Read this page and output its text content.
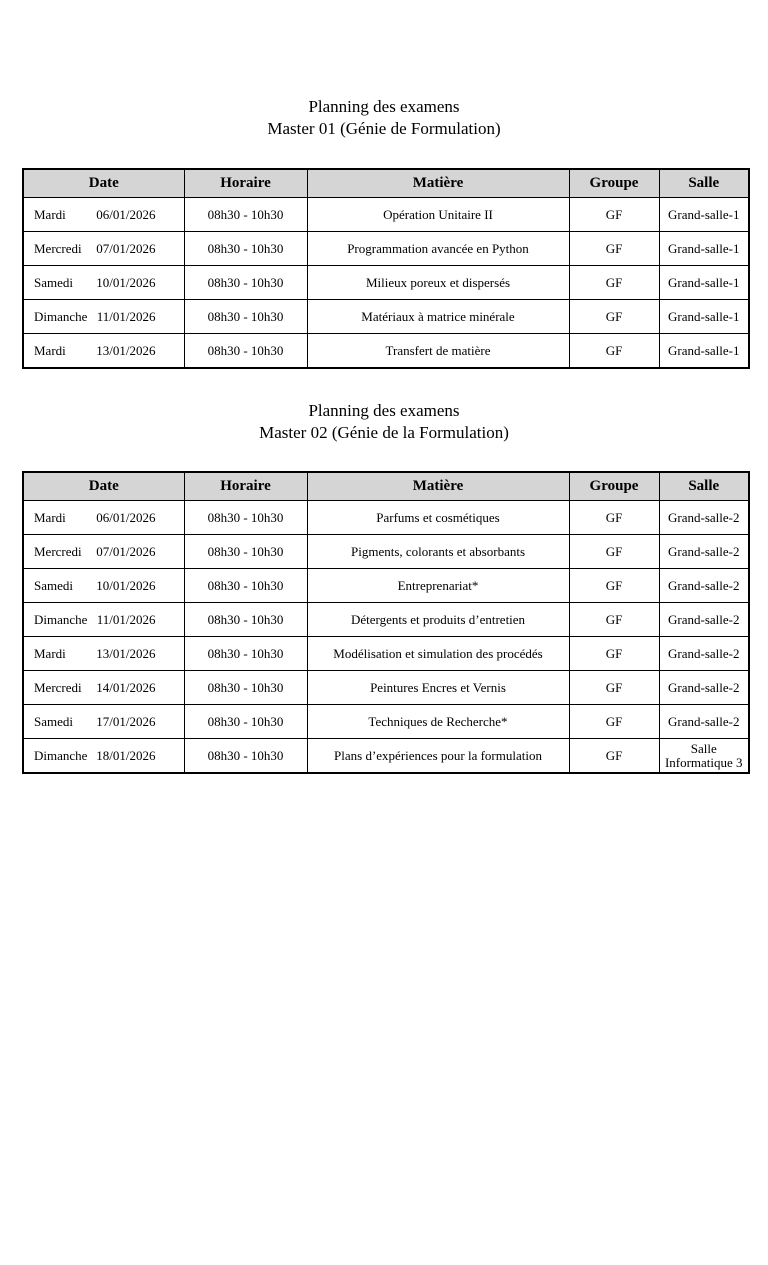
Planning des examens
Master 01 (Génie de Formulation)
Date	Horaire	Matière	Groupe	Salle

Mardi 06/01/2026	08h30 - 10h30	Opération Unitaire II	GF	Grand-salle-1

Mercredi 07/01/2026	08h30 - 10h30	Programmation avancée en Python	GF	Grand-salle-1

Samedi 10/01/2026	08h30 - 10h30	Milieux poreux et dispersés	GF	Grand-salle-1

Dimanche 11/01/2026	08h30 - 10h30	Matériaux à matrice minérale	GF	Grand-salle-1

Mardi 13/01/2026	08h30 - 10h30	Transfert de matière	GF	Grand-salle-1
Planning des examens
Master 02 (Génie de la Formulation)
Date	Horaire	Matière	Groupe	Salle

Mardi 06/01/2026	08h30 - 10h30	Parfums et cosmétiques	GF	Grand-salle-2

Mercredi 07/01/2026	08h30 - 10h30	Pigments, colorants et absorbants	GF	Grand-salle-2

Samedi 10/01/2026	08h30 - 10h30	Entreprenariat*	GF	Grand-salle-2

Dimanche 11/01/2026	08h30 - 10h30	Détergents et produits d’entretien	GF	Grand-salle-2

Mardi 13/01/2026	08h30 - 10h30	Modélisation et simulation des procédés	GF	Grand-salle-2

Mercredi 14/01/2026	08h30 - 10h30	Peintures Encres et Vernis	GF	Grand-salle-2

Samedi 17/01/2026	08h30 - 10h30	Techniques de Recherche*	GF	Grand-salle-2

Dimanche 18/01/2026	08h30 - 10h30	Plans d’expériences pour la formulation	GF	Salle Informatique 3
